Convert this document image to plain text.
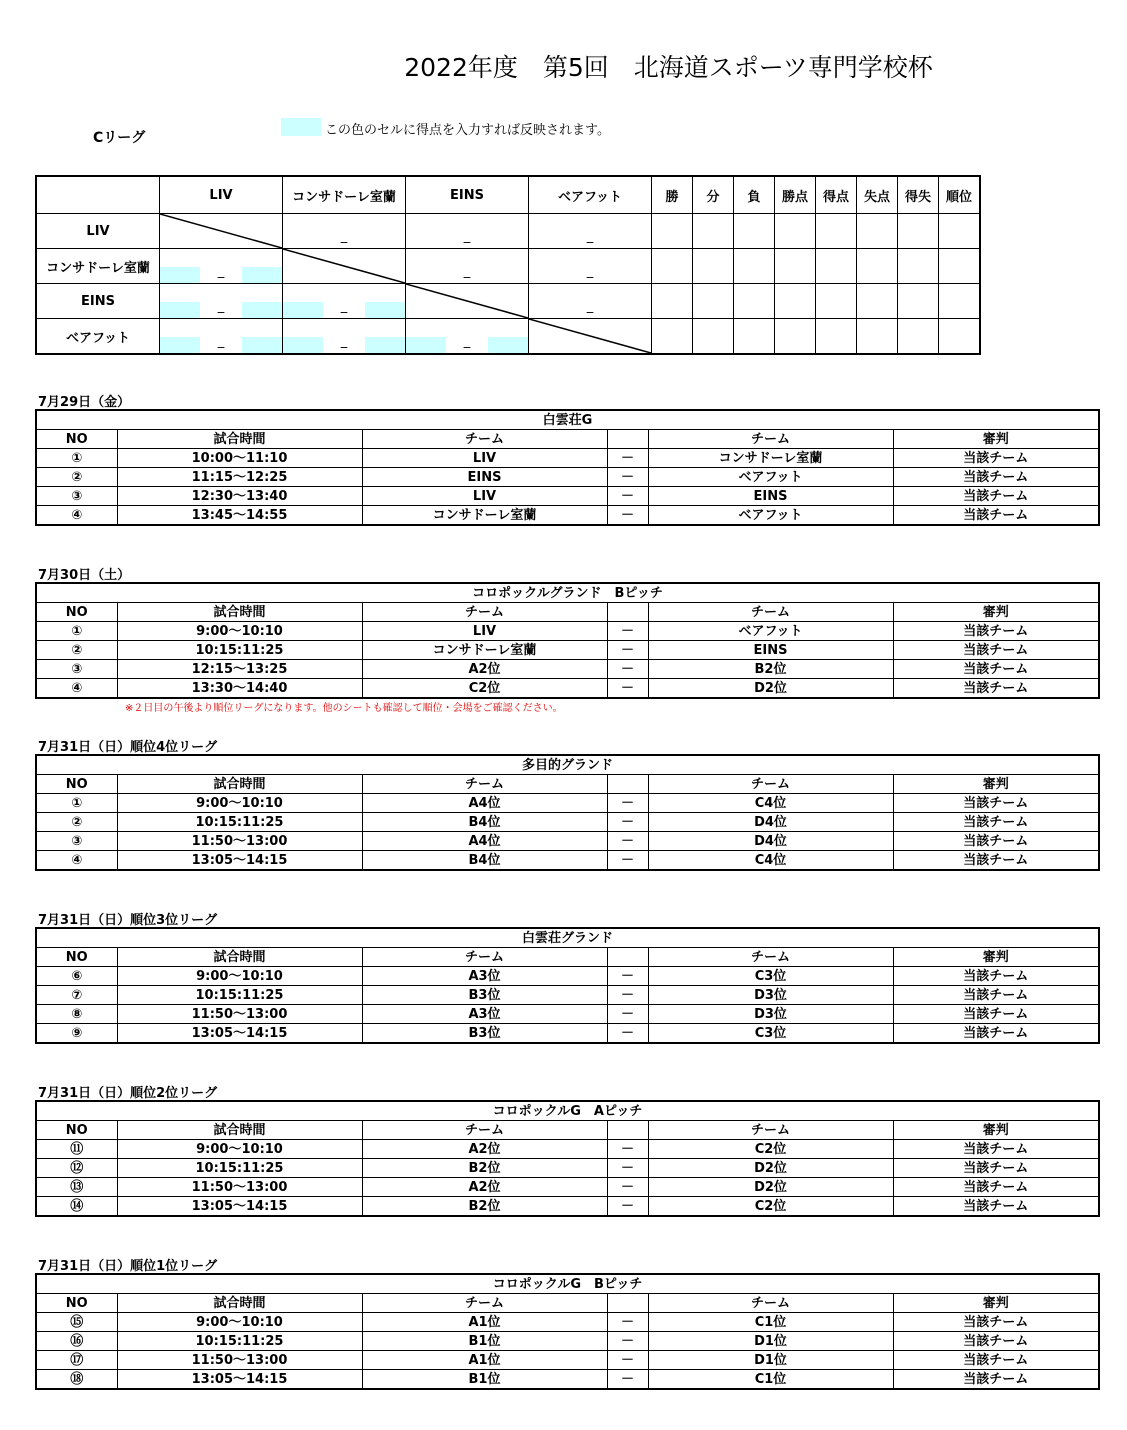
2022年度　第5回　北海道スポーツ専門学校杯
Cリーグ	この色のセルに得点を入力すれば反映されます。
	LIV	コンサドーレ室蘭	EINS	ベアフット	勝	分	負	勝点	得点	失点	得失	順位
LIV		_	_	_								

コンサドーレ室蘭	_		_	_								

EINS	_	_		_								

ベアフット	_	_	_

7月29日（金）
白雲荘G					
NO	試合時間	チーム		チーム	審判
①	10:00〜11:10	LIV	－	コンサドーレ室蘭	当該チーム
②	11:15〜12:25	EINS	－	ベアフット	当該チーム
③	12:30〜13:40	LIV	－	EINS	当該チーム
④	13:45〜14:55	コンサドーレ室蘭	－	ベアフット	当該チーム
7月30日（土）
コロポックルグランド　Bピッチ					
NO	試合時間	チーム		チーム	審判
①	9:00〜10:10	LIV	－	ベアフット	当該チーム
②	10:15:11:25	コンサドーレ室蘭	－	EINS	当該チーム
③	12:15〜13:25	A2位	－	B2位	当該チーム
④	13:30〜14:40	C2位	－	D2位	当該チーム
7月31日（日）順位4位リーグ
多目的グランド					
NO	試合時間	チーム		チーム	審判
①	9:00〜10:10	A4位	－	C4位	当該チーム
②	10:15:11:25	B4位	－	D4位	当該チーム
③	11:50〜13:00	A4位	－	D4位	当該チーム
④	13:05〜14:15	B4位	－	C4位	当該チーム
7月31日（日）順位3位リーグ
白雲荘グランド					
NO	試合時間	チーム		チーム	審判
⑥	9:00〜10:10	A3位	－	C3位	当該チーム
⑦	10:15:11:25	B3位	－	D3位	当該チーム
⑧	11:50〜13:00	A3位	－	D3位	当該チーム
⑨	13:05〜14:15	B3位	－	C3位	当該チーム
7月31日（日）順位2位リーグ
コロポックルG　Aピッチ					
NO	試合時間	チーム		チーム	審判
⑪	9:00〜10:10	A2位	－	C2位	当該チーム
⑫	10:15:11:25	B2位	－	D2位	当該チーム
⑬	11:50〜13:00	A2位	－	D2位	当該チーム
⑭	13:05〜14:15	B2位	－	C2位	当該チーム
7月31日（日）順位1位リーグ
コロポックルG　Bピッチ					
NO	試合時間	チーム		チーム	審判
⑮	9:00〜10:10	A1位	－	C1位	当該チーム
⑯	10:15:11:25	B1位	－	D1位	当該チーム
⑰	11:50〜13:00	A1位	－	D1位	当該チーム
⑱	13:05〜14:15	B1位	－	C1位	当該チーム
※２日目の午後より順位リーグになります。他のシートも確認して順位・会場をご確認ください。
